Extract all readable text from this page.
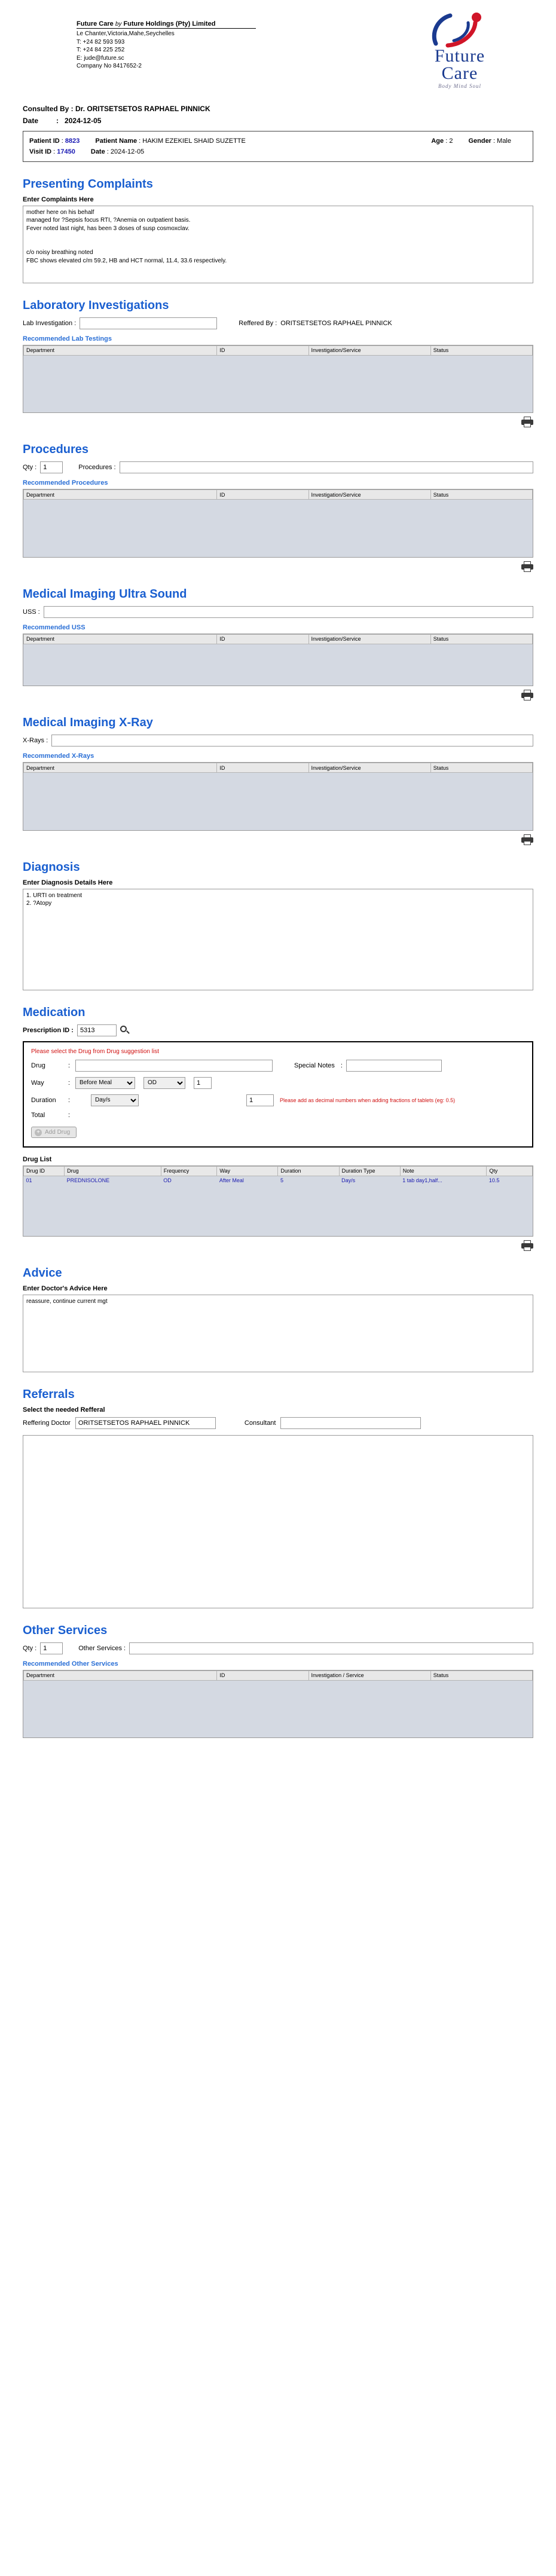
Future Care by Future Holdings (Pty) Limited
Le Chanter,Victoria,Mahe,Seychelles
T: +24 82 593 593
T: +24 84 225 252
E: jude@future.sc
Company No 8417652-2
Future
Care
Body Mind Soul
Consulted By : Dr. ORITSETSETOS RAPHAEL PINNICK
Date	: 2024-12-05
Patient ID : 8823 Patient Name : HAKIM EZEKIEL SHAID SUZETTE	Age : 2 Gender : Male
Visit ID : 17450 Date : 2024-12-05
Presenting Complaints
Enter Complaints Here
mother here on his behalf managed for ?Sepsis focus RTI, ?Anemia on outpatient basis. Fever noted last night, has been 3 doses of susp cosmoxclav. c/o noisy breathing noted FBC shows elevated c/m 59.2, HB and HCT normal, 11.4, 33.6 respectively.
Laboratory Investigations
Lab Investigation :	Reffered By : ORITSETSETOS RAPHAEL PINNICK
Recommended Lab Testings
Department	ID	Investigation/Service	Status

Procedures
Qty :
1	Procedures :
Recommended Procedures
Department	ID	Investigation/Service	Status

Medical Imaging Ultra Sound
USS :
Recommended USS
Department	ID	Investigation/Service	Status

Medical Imaging X-Ray
X-Rays :
Recommended X-Rays
Department	ID	Investigation/Service	Status

Diagnosis
Enter Diagnosis Details Here
1. URTI on treatment 2. ?Atopy
Medication
Prescription ID :
5313
Please select the Drug from Drug suggestion list
Drug	:	Special Notes :
Way	:
Before Meal
OD
1
Duration	:
Day/s
1	Please add as decimal numbers when adding fractions of tablets (eg: 0.5)
Total	:
+ Add Drug
Drug List
Drug ID	Drug	Frequency	Way	Duration	Duration Type	Note	Qty
01	PREDNISOLONE	OD	After Meal	5	Day/s	1 tab day1,half...	10.5

Advice
Enter Doctor's Advice Here
reassure, continue current mgt
Referrals
Select the needed Refferal
Reffering Doctor
ORITSETSETOS RAPHAEL PINNICK	Consultant
Other Services
Qty :
1	Other Services :
Recommended Other Services
Department	ID	Investigation / Service	Status
